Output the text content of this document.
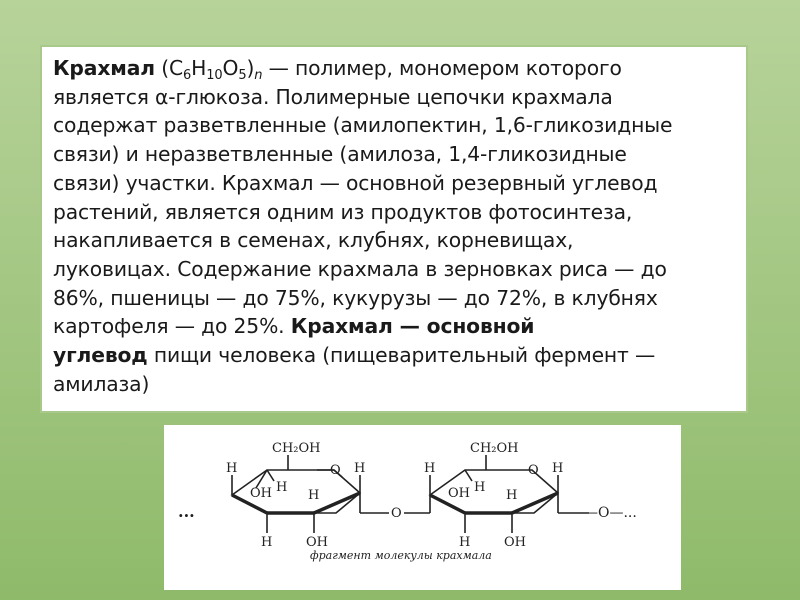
Крахмал $(C_6H_{10}O_5)_n$ — полимер, мономером которого
является α-глюкоза. Полимерные цепочки крахмала
содержат разветвленные (амилопектин, 1,6-гликозидные
связи) и неразветвленные (амилоза, 1,4-гликозидные
связи) участки. Крахмал — основной резервный углевод
растений, является одним из продуктов фотосинтеза,
накапливается в семенах, клубнях, корневищах,
луковицах. Содержание крахмала в зерновках риса — до
86%, пшеницы — до 75%, кукурузы — до 72%, в клубнях
картофеля — до 25%. Крахмал — основной
углевод пищи человека (пищеварительный фермент —
амилаза)
CH₂OH
O
H	H
OH H
H
H	OH
O
CH₂OH
O
H	H
OH H
H
H	OH
...	—O—...
фрагмент молекулы крахмала
